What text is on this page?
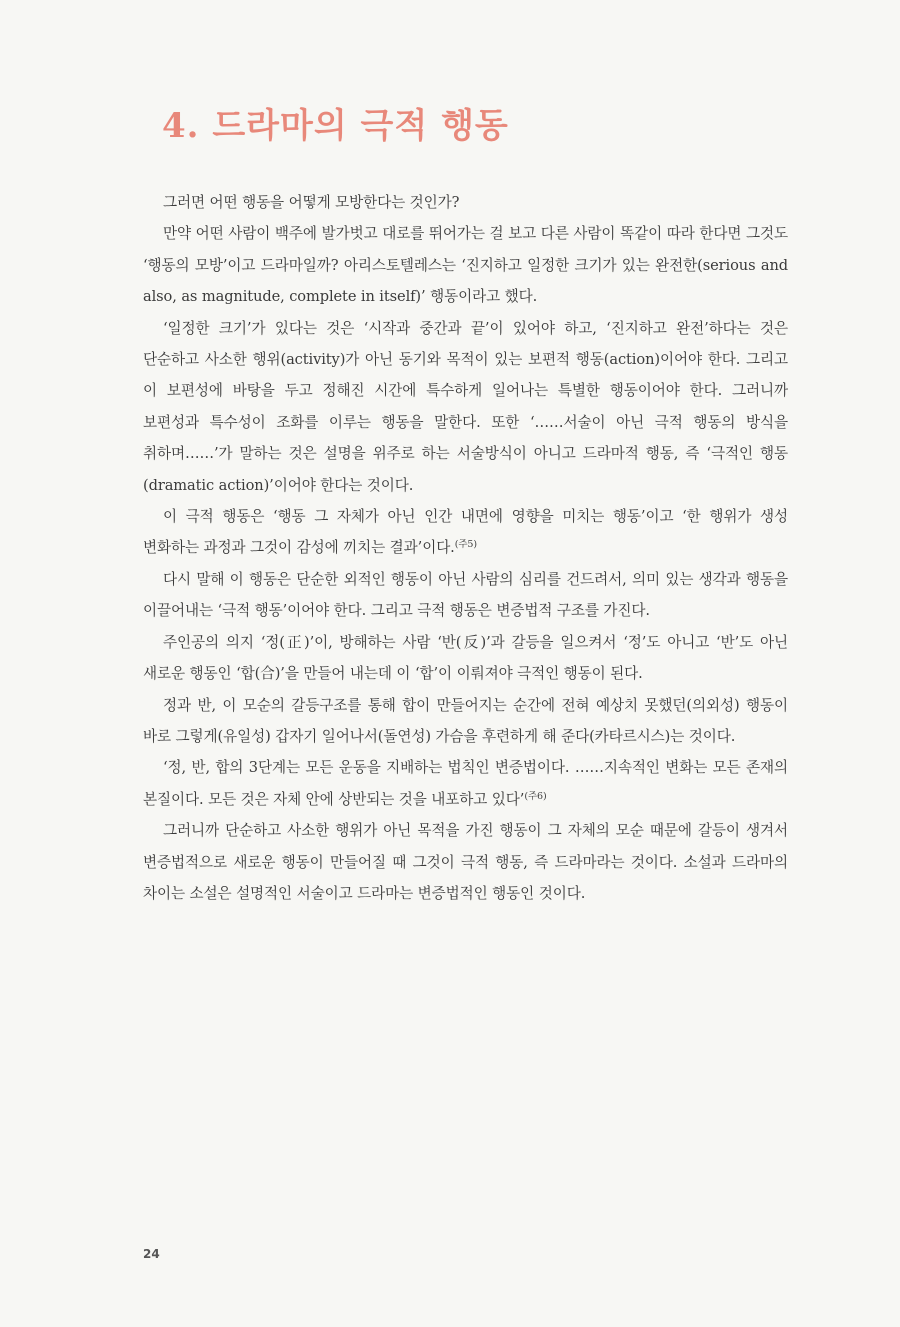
4. 드라마의 극적 행동

그러면 어떤 행동을 어떻게 모방한다는 것인가?

만약 어떤 사람이 백주에 발가벗고 대로를 뛰어가는 걸 보고 다른 사람이 똑같이 따라 한다면 그것도 ‘행동의 모방’이고 드라마일까? 아리스토텔레스는 ‘진지하고 일정한 크기가 있는 완전한(serious and also, as magnitude, complete in itself)’ 행동이라고 했다.

‘일정한 크기’가 있다는 것은 ‘시작과 중간과 끝’이 있어야 하고, ‘진지하고 완전’하다는 것은 단순하고 사소한 행위(activity)가 아닌 동기와 목적이 있는 보편적 행동(action)이어야 한다. 그리고 이 보편성에 바탕을 두고 정해진 시간에 특수하게 일어나는 특별한 행동이어야 한다. 그러니까 보편성과 특수성이 조화를 이루는 행동을 말한다. 또한 ‘……서술이 아닌 극적 행동의 방식을 취하며……’가 말하는 것은 설명을 위주로 하는 서술방식이 아니고 드라마적 행동, 즉 ‘극적인 행동(dramatic action)’이어야 한다는 것이다.

이 극적 행동은 ‘행동 그 자체가 아닌 인간 내면에 영향을 미치는 행동’이고 ‘한 행위가 생성 변화하는 과정과 그것이 감성에 끼치는 결과’이다.$^{(주5)}$

다시 말해 이 행동은 단순한 외적인 행동이 아닌 사람의 심리를 건드려서, 의미 있는 생각과 행동을 이끌어내는 ‘극적 행동’이어야 한다. 그리고 극적 행동은 변증법적 구조를 가진다.

주인공의 의지 ‘정(正)’이, 방해하는 사람 ‘반(反)’과 갈등을 일으켜서 ‘정’도 아니고 ‘반’도 아닌 새로운 행동인 ‘합(合)’을 만들어 내는데 이 ‘합’이 이뤄져야 극적인 행동이 된다.

정과 반, 이 모순의 갈등구조를 통해 합이 만들어지는 순간에 전혀 예상치 못했던(의외성) 행동이 바로 그렇게(유일성) 갑자기 일어나서(돌연성) 가슴을 후련하게 해 준다(카타르시스)는 것이다.

‘정, 반, 합의 3단계는 모든 운동을 지배하는 법칙인 변증법이다. ……지속적인 변화는 모든 존재의 본질이다. 모든 것은 자체 안에 상반되는 것을 내포하고 있다’$^{(주6)}$

그러니까 단순하고 사소한 행위가 아닌 목적을 가진 행동이 그 자체의 모순 때문에 갈등이 생겨서 변증법적으로 새로운 행동이 만들어질 때 그것이 극적 행동, 즉 드라마라는 것이다. 소설과 드라마의 차이는 소설은 설명적인 서술이고 드라마는 변증법적인 행동인 것이다.

24
